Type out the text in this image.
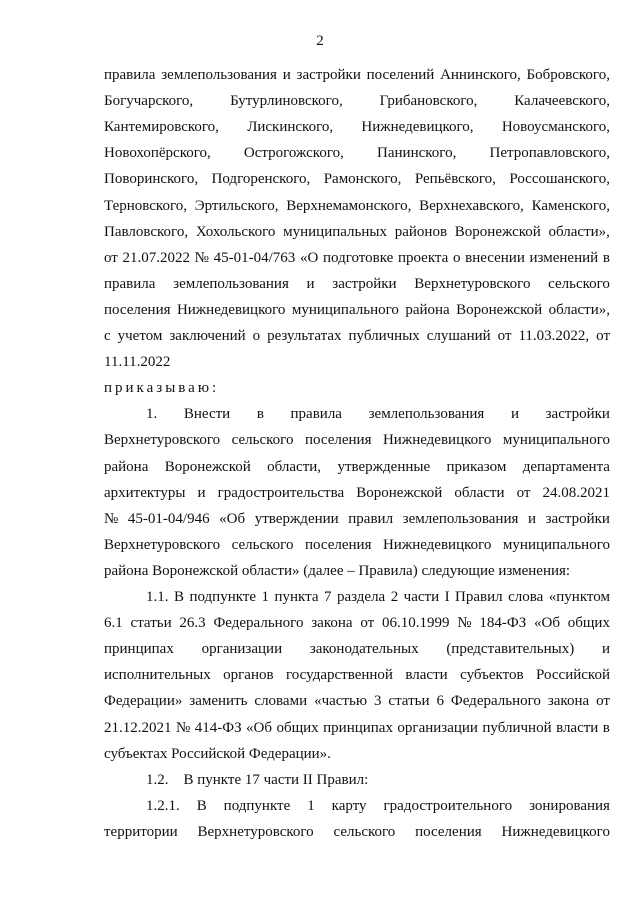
2
правила землепользования и застройки поселений Аннинского, Бобровского,
Богучарского, Бутурлиновского, Грибановского, Калачеевского,
Кантемировского, Лискинского, Нижнедевицкого, Новоусманского,
Новохопёрского, Острогожского, Панинского, Петропавловского,
Поворинского, Подгоренского, Рамонского, Репьёвского, Россошанского,
Терновского, Эртильского, Верхнемамонского, Верхнехавского, Каменского,
Павловского, Хохольского муниципальных районов Воронежской области»,
от 21.07.2022 № 45-01-04/763 «О подготовке проекта о внесении изменений в
правила землепользования и застройки Верхнетуровского сельского
поселения Нижнедевицкого муниципального района Воронежской области»,
с учетом заключений о результатах публичных слушаний от 11.03.2022, от
11.11.2022
приказываю:
1. Внести в правила землепользования и застройки
Верхнетуровского сельского поселения Нижнедевицкого муниципального
района Воронежской области, утвержденные приказом департамента
архитектуры и градостроительства Воронежской области от 24.08.2021
№ 45-01-04/946 «Об утверждении правил землепользования и застройки
Верхнетуровского сельского поселения Нижнедевицкого муниципального
района Воронежской области» (далее – Правила) следующие изменения:
1.1. В подпункте 1 пункта 7 раздела 2 части I Правил слова «пунктом
6.1 статьи 26.3 Федерального закона от 06.10.1999 № 184-ФЗ «Об общих
принципах организации законодательных (представительных) и
исполнительных органов государственной власти субъектов Российской
Федерации» заменить словами «частью 3 статьи 6 Федерального закона от
21.12.2021 № 414-ФЗ «Об общих принципах организации публичной власти в
субъектах Российской Федерации».
1.2.    В пункте 17 части II Правил:
1.2.1. В подпункте 1 карту градостроительного зонирования
территории Верхнетуровского сельского поселения Нижнедевицкого
